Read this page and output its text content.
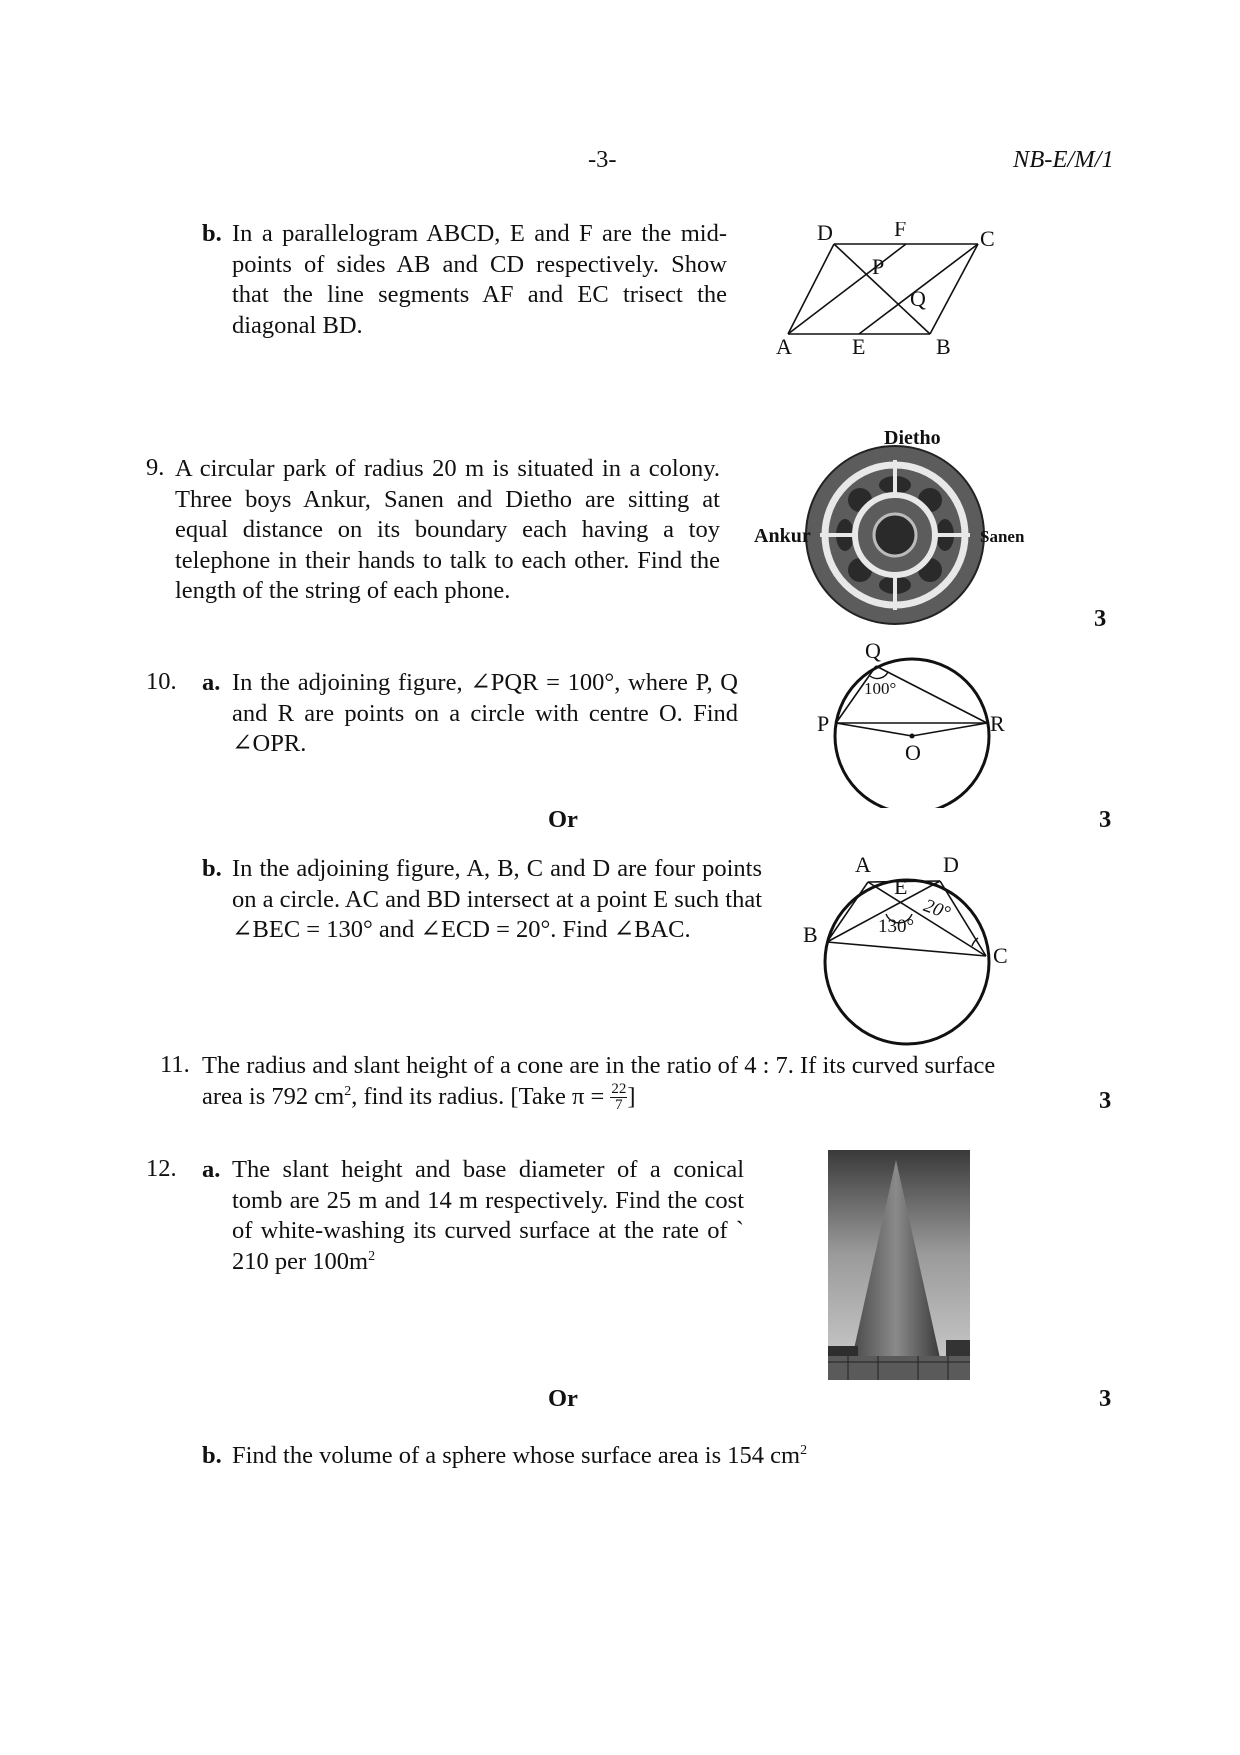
-3-	NB-E/M/1
b. In a parallelogram ABCD, E and F are the mid-points of sides AB and CD respectively. Show that the line segments AF and EC trisect the diagonal BD.
A	E	B
C
D	F
P
Q
9. A circular park of radius 20 m is situated in a colony. Three boys Ankur, Sanen and Dietho are sitting at equal distance on its boundary each having a toy telephone in their hands to talk to each other. Find the length of the string of each phone.
Dietho
Ankur	Sanen
3
10. a. In the adjoining figure, ∠PQR = 100°, where P, Q and R are points on a circle with centre O. Find ∠OPR.
Q
P	R
O
100°
Or	3
b. In the adjoining figure, A, B, C and D are four points on a circle. AC and BD intersect at a point E such that ∠BEC = 130° and ∠ECD = 20°. Find ∠BAC.
A	D
E
B
C
130°
20°
11. The radius and slant height of a cone are in the ratio of 4 : 7. If its curved surface
area is 792 $cm^2$, find its radius. [Take $\pi = \frac{22}{7}$ ]	3
12. a. The slant height and base diameter of a conical tomb are 25 m and 14 m respectively. Find the cost of white-washing its curved surface at the rate of ` 210 per $100m^2$
Or	3
b. Find the volume of a sphere whose surface area is 154 $cm^2$
